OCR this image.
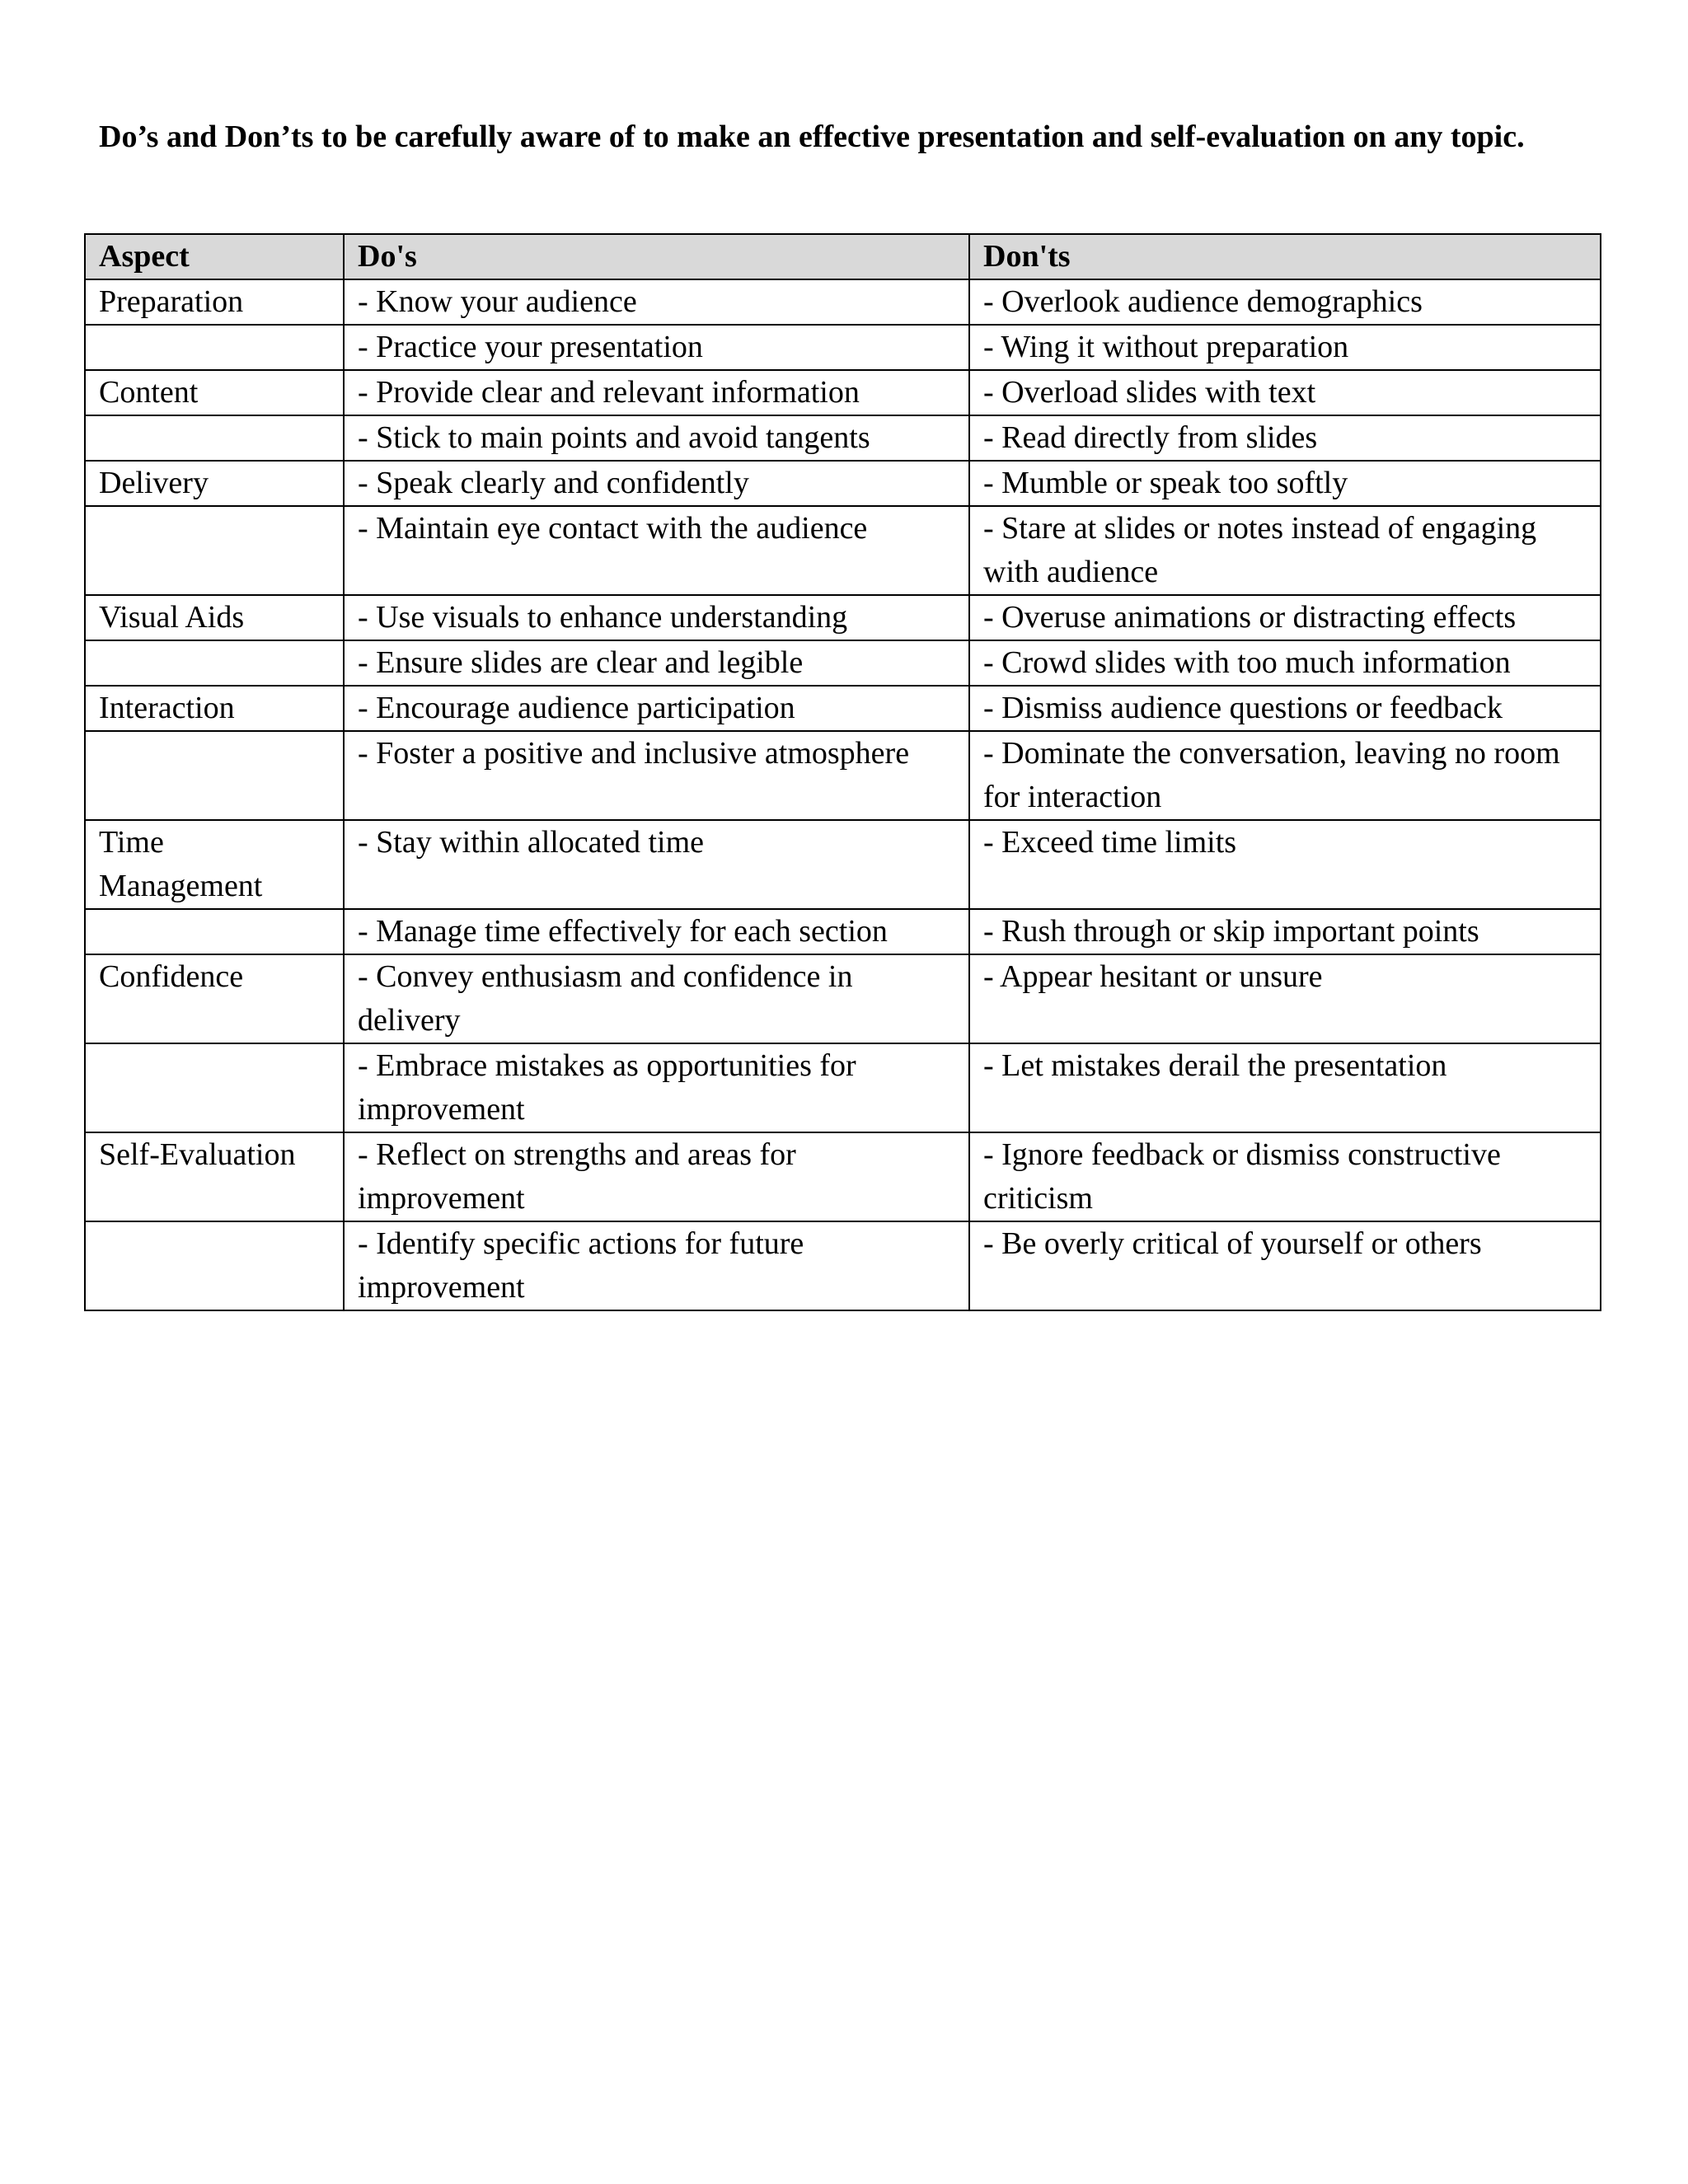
Do’s and Don’ts to be carefully aware of to make an effective presentation and self-evaluation on any topic.
Aspect	Do's	Don'ts
Preparation	- Know your audience	- Overlook audience demographics
	- Practice your presentation	- Wing it without preparation
Content	- Provide clear and relevant information	- Overload slides with text
	- Stick to main points and avoid tangents	- Read directly from slides
Delivery	- Speak clearly and confidently	- Mumble or speak too softly
	- Maintain eye contact with the audience	- Stare at slides or notes instead of engaging with audience
Visual Aids	- Use visuals to enhance understanding	- Overuse animations or distracting effects
	- Ensure slides are clear and legible	- Crowd slides with too much information
Interaction	- Encourage audience participation	- Dismiss audience questions or feedback
	- Foster a positive and inclusive atmosphere	- Dominate the conversation, leaving no room for interaction
Time Management	- Stay within allocated time	- Exceed time limits
	- Manage time effectively for each section	- Rush through or skip important points
Confidence	- Convey enthusiasm and confidence in delivery	- Appear hesitant or unsure
	- Embrace mistakes as opportunities for improvement	- Let mistakes derail the presentation
Self-Evaluation	- Reflect on strengths and areas for improvement	- Ignore feedback or dismiss constructive criticism
	- Identify specific actions for future improvement	- Be overly critical of yourself or others
